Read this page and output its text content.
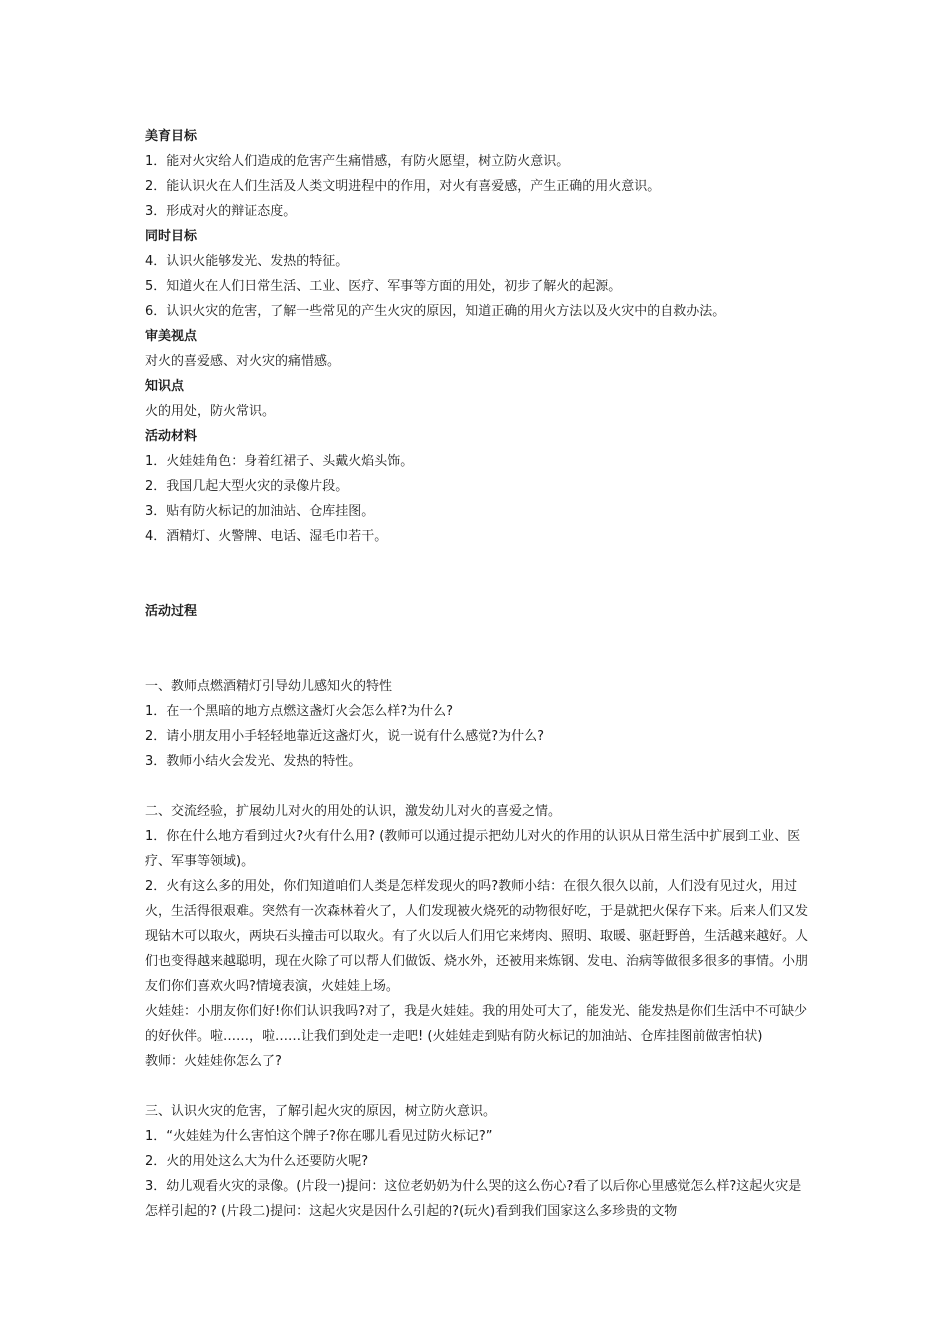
美育目标
1．能对火灾给人们造成的危害产生痛惜感，有防火愿望，树立防火意识。
2．能认识火在人们生活及人类文明进程中的作用，对火有喜爱感，产生正确的用火意识。
3．形成对火的辩证态度。
同时目标
4．认识火能够发光、发热的特征。
5．知道火在人们日常生活、工业、医疗、军事等方面的用处，初步了解火的起源。
6．认识火灾的危害，了解一些常见的产生火灾的原因，知道正确的用火方法以及火灾中的自救办法。
审美视点
对火的喜爱感、对火灾的痛惜感。
知识点
火的用处，防火常识。
活动材料
1．火娃娃角色：身着红裙子、头戴火焰头饰。
2．我国几起大型火灾的录像片段。
3．贴有防火标记的加油站、仓库挂图。
4．酒精灯、火警牌、电话、湿毛巾若干。
活动过程
一、教师点燃酒精灯引导幼儿感知火的特性
1．在一个黑暗的地方点燃这盏灯火会怎么样?为什么?
2．请小朋友用小手轻轻地靠近这盏灯火，说一说有什么感觉?为什么?
3．教师小结火会发光、发热的特性。
二、交流经验，扩展幼儿对火的用处的认识，激发幼儿对火的喜爱之情。
1．你在什么地方看到过火?火有什么用? (教师可以通过提示把幼儿对火的作用的认识从日常生活中扩展到工业、医疗、军事等领域)。
2．火有这么多的用处，你们知道咱们人类是怎样发现火的吗?教师小结：在很久很久以前，人们没有见过火，用过火，生活得很艰难。突然有一次森林着火了，人们发现被火烧死的动物很好吃，于是就把火保存下来。后来人们又发现钻木可以取火，两块石头撞击可以取火。有了火以后人们用它来烤肉、照明、取暖、驱赶野兽，生活越来越好。人们也变得越来越聪明，现在火除了可以帮人们做饭、烧水外，还被用来炼钢、发电、治病等做很多很多的事情。小朋友们你们喜欢火吗?情境表演，火娃娃上场。
火娃娃：小朋友你们好!你们认识我吗?对了，我是火娃娃。我的用处可大了，能发光、能发热是你们生活中不可缺少的好伙伴。啦……，啦……让我们到处走一走吧! (火娃娃走到贴有防火标记的加油站、仓库挂图前做害怕状)
教师：火娃娃你怎么了?
三、认识火灾的危害，了解引起火灾的原因，树立防火意识。
1．“火娃娃为什么害怕这个牌子?你在哪儿看见过防火标记?”
2．火的用处这么大为什么还要防火呢?
3．幼儿观看火灾的录像。(片段一)提问：这位老奶奶为什么哭的这么伤心?看了以后你心里感觉怎么样?这起火灾是怎样引起的? (片段二)提问：这起火灾是因什么引起的?(玩火)看到我们国家这么多珍贵的文物
